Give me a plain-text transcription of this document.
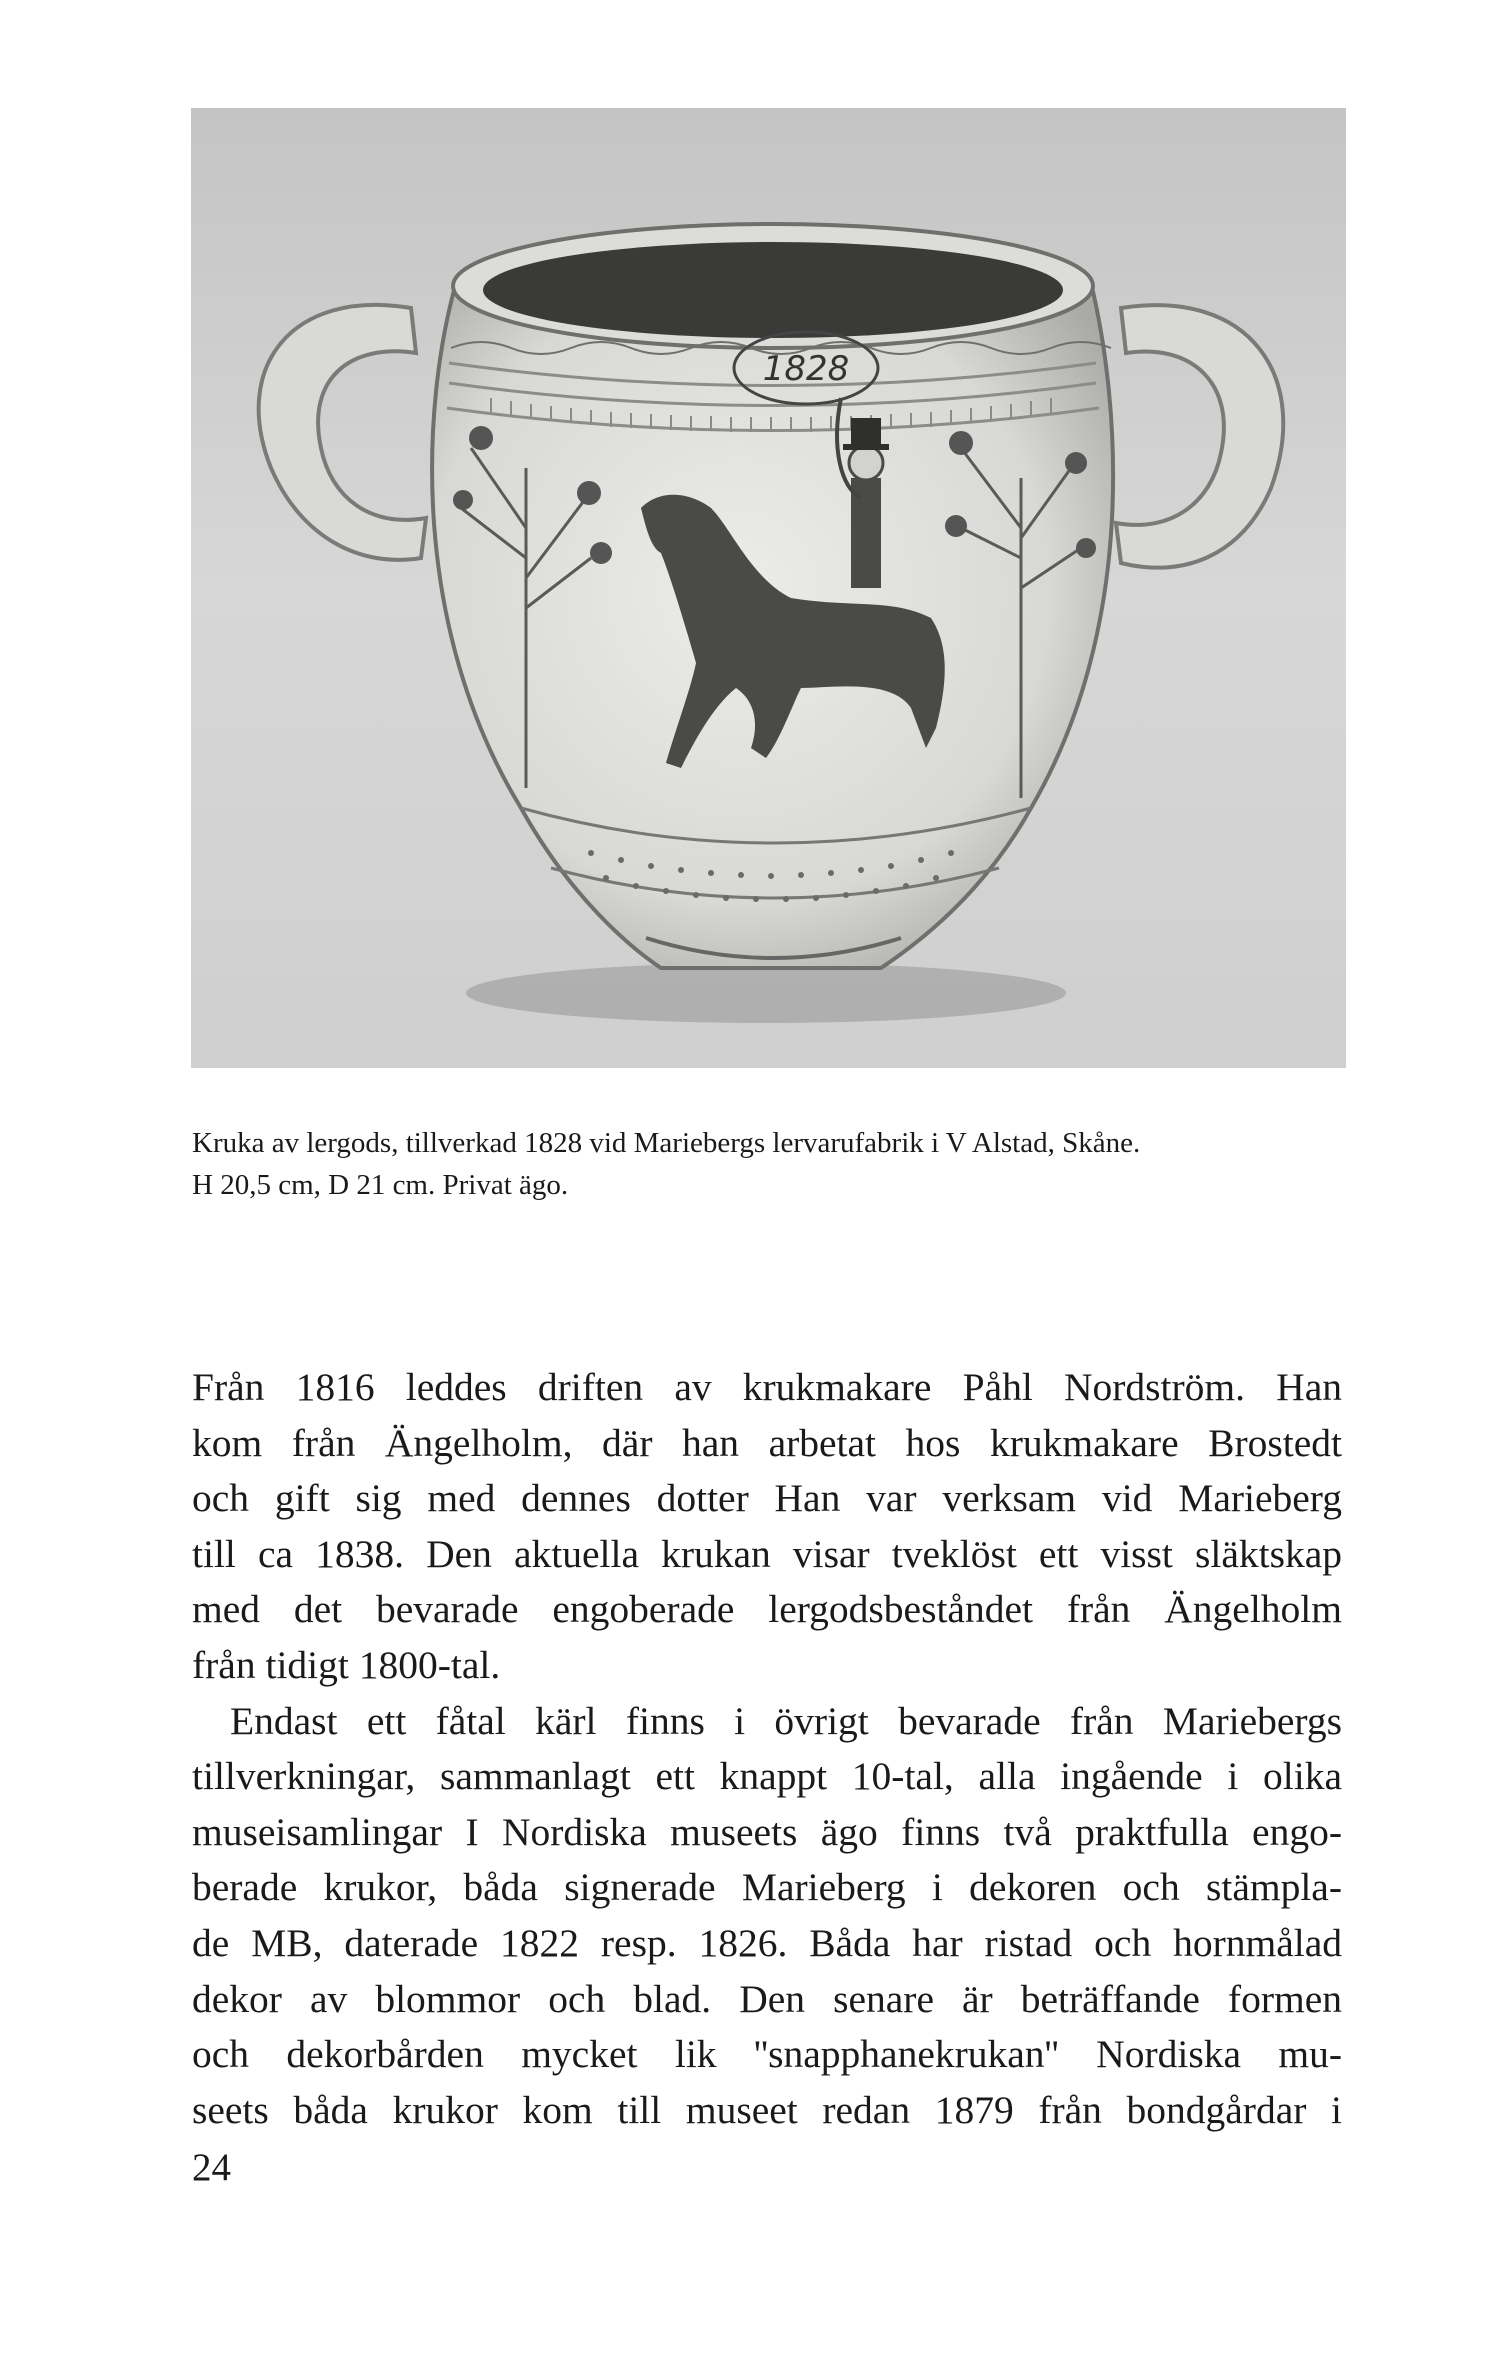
1828
Kruka av lergods, tillverkad 1828 vid Mariebergs lervarufabrik i V Alstad, Skåne.
H 20,5 cm, D 21 cm. Privat ägo.

Från 1816 leddes driften av krukmakare Påhl Nordström. Han
kom från Ängelholm, där han arbetat hos krukmakare Brostedt
och gift sig med dennes dotter Han var verksam vid Marieberg
till ca 1838. Den aktuella krukan visar tveklöst ett visst släktskap
med det bevarade engoberade lergodsbeståndet från Ängelholm
från tidigt 1800-tal.

Endast ett fåtal kärl finns i övrigt bevarade från Mariebergs
tillverkningar, sammanlagt ett knappt 10-tal, alla ingående i olika
museisamlingar I Nordiska museets ägo finns två praktfulla engo-
berade krukor, båda signerade Marieberg i dekoren och stämpla-
de MB, daterade 1822 resp. 1826. Båda har ristad och hornmålad
dekor av blommor och blad. Den senare är beträffande formen
och dekorbården mycket lik ''snapphanekrukan'' Nordiska mu-
seets båda krukor kom till museet redan 1879 från bondgårdar i

24
